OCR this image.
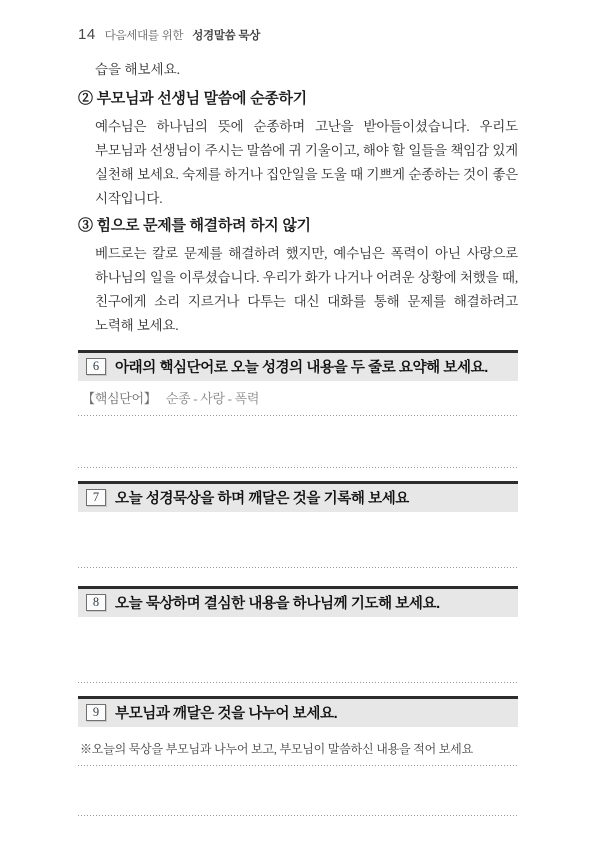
14 다음세대를 위한 성경말씀 묵상
습을 해보세요.
② 부모님과 선생님 말씀에 순종하기
예수님은 하나님의 뜻에 순종하며 고난을 받아들이셨습니다. 우리도 부모님과 선생님이 주시는 말씀에 귀 기울이고, 해야 할 일들을 책임감 있게 실천해 보세요. 숙제를 하거나 집안일을 도울 때 기쁘게 순종하는 것이 좋은 시작입니다.
③ 힘으로 문제를 해결하려 하지 않기
베드로는 칼로 문제를 해결하려 했지만, 예수님은 폭력이 아닌 사랑으로 하나님의 일을 이루셨습니다. 우리가 화가 나거나 어려운 상황에 처했을 때, 친구에게 소리 지르거나 다투는 대신 대화를 통해 문제를 해결하려고 노력해 보세요.
6	아래의 핵심단어로 오늘 성경의 내용을 두 줄로 요약해 보세요.
【핵심단어】 순종 - 사랑 - 폭력
7	오늘 성경묵상을 하며 깨달은 것을 기록해 보세요
8	오늘 묵상하며 결심한 내용을 하나님께 기도해 보세요.
9	부모님과 깨달은 것을 나누어 보세요.
※오늘의 묵상을 부모님과 나누어 보고, 부모님이 말씀하신 내용을 적어 보세요
